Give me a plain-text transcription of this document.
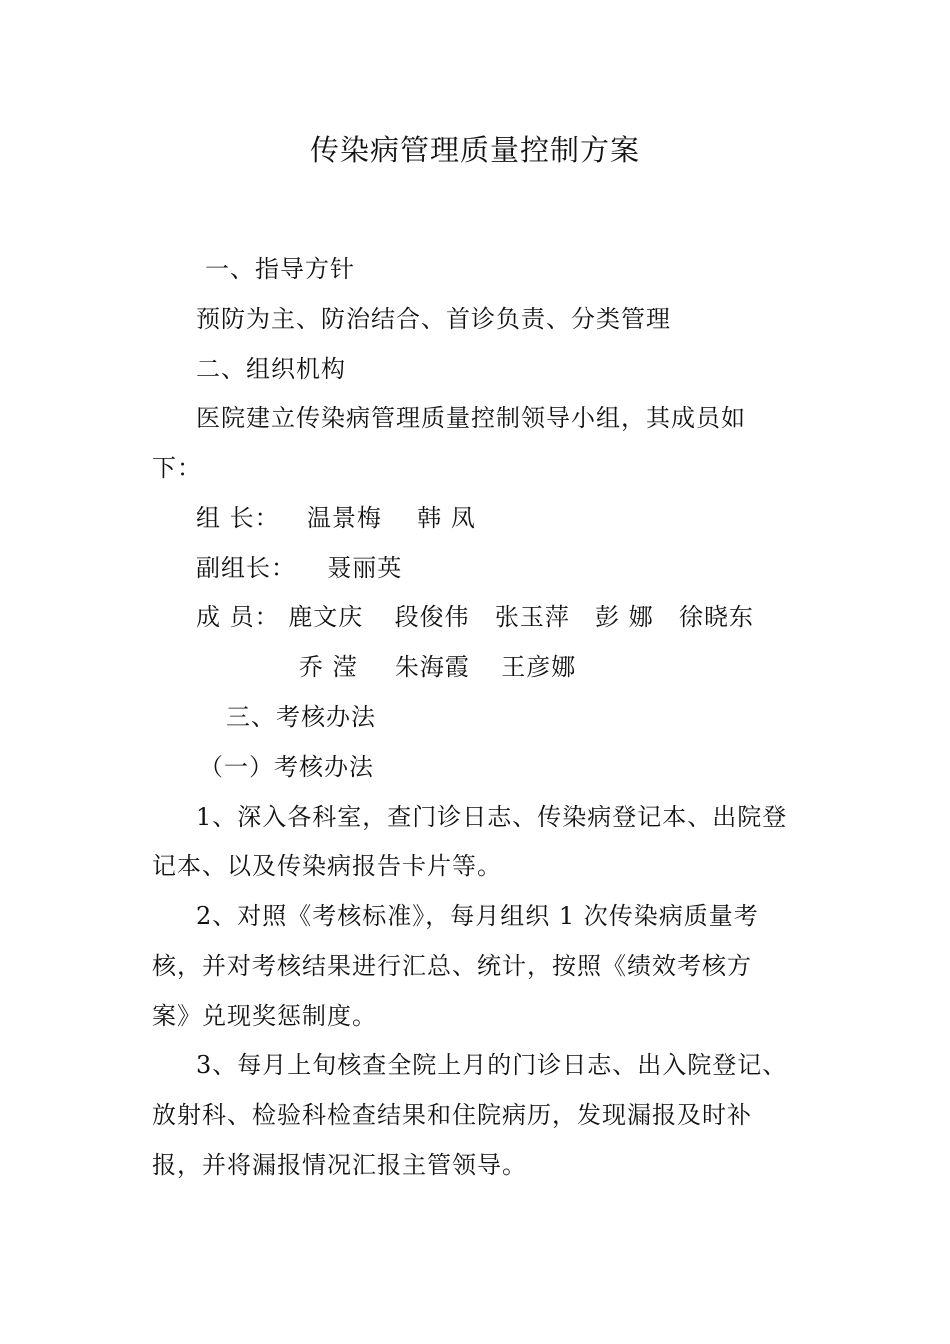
传染病管理质量控制方案
一、指导方针
预防为主、防治结合、首诊负责、分类管理
二、组织机构
医院建立传染病管理质量控制领导小组，其成员如
下：
组 长： 温景梅 韩 凤
副组长： 聂丽英
成 员： 鹿文庆 段俊伟 张玉萍 彭 娜 徐晓东
乔 滢 朱海霞 王彦娜
三、考核办法
（一）考核办法
1、深入各科室，查门诊日志、传染病登记本、出院登
记本、以及传染病报告卡片等。
2、对照《考核标准》，每月组织 1 次传染病质量考
核，并对考核结果进行汇总、统计，按照《绩效考核方
案》兑现奖惩制度。
3、每月上旬核查全院上月的门诊日志、出入院登记、
放射科、检验科检查结果和住院病历，发现漏报及时补
报，并将漏报情况汇报主管领导。
